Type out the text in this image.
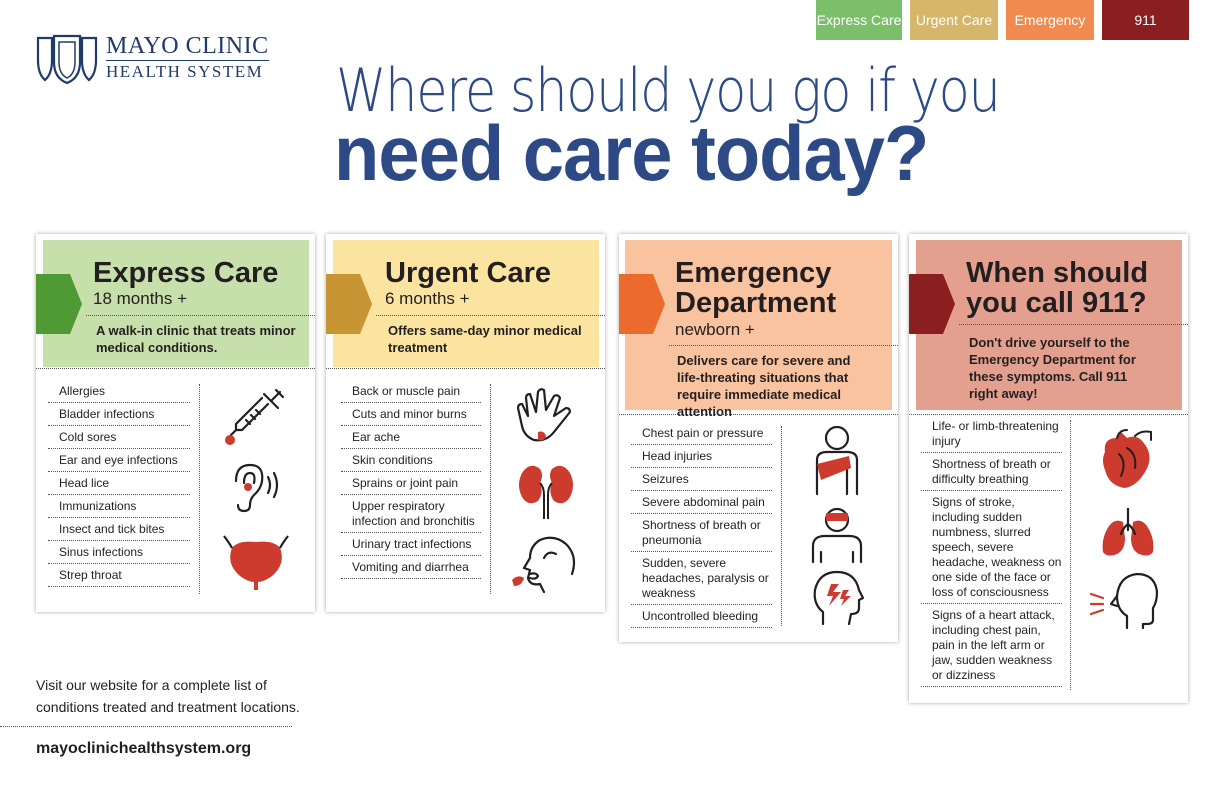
Express Care	Urgent Care	Emergency	911
MAYO CLINIC
HEALTH SYSTEM Where should you go if you
need care today?
Express Care
18 months +
A walk-in clinic that treats minor medical conditions.
Allergies
Bladder infections
Cold sores
Ear and eye infections
Head lice
Immunizations
Insect and tick bites
Sinus infections
Strep throat
Urgent Care
6 months +
Offers same-day minor medical treatment
Back or muscle pain
Cuts and minor burns
Ear ache
Skin conditions
Sprains or joint pain
Upper respiratory infection and bronchitis
Urinary tract infections
Vomiting and diarrhea
Emergency
Department
newborn +
Delivers care for severe and life-threating situations that require immediate medical attention
Chest pain or pressure
Head injuries
Seizures
Severe abdominal pain
Shortness of breath or pneumonia
Sudden, severe headaches, paralysis or weakness
Uncontrolled bleeding
When should
you call 911?
Don't drive yourself to the Emergency Department for these symptoms. Call 911 right away!
Life- or limb-threatening injury
Shortness of breath or difficulty breathing
Signs of stroke, including sudden numbness, slurred speech, severe headache, weakness on one side of the face or loss of consciousness
Signs of a heart attack, including chest pain, pain in the left arm or jaw, sudden weakness or dizziness
Visit our website for a complete list of
conditions treated and treatment locations.
mayoclinichealthsystem.org
